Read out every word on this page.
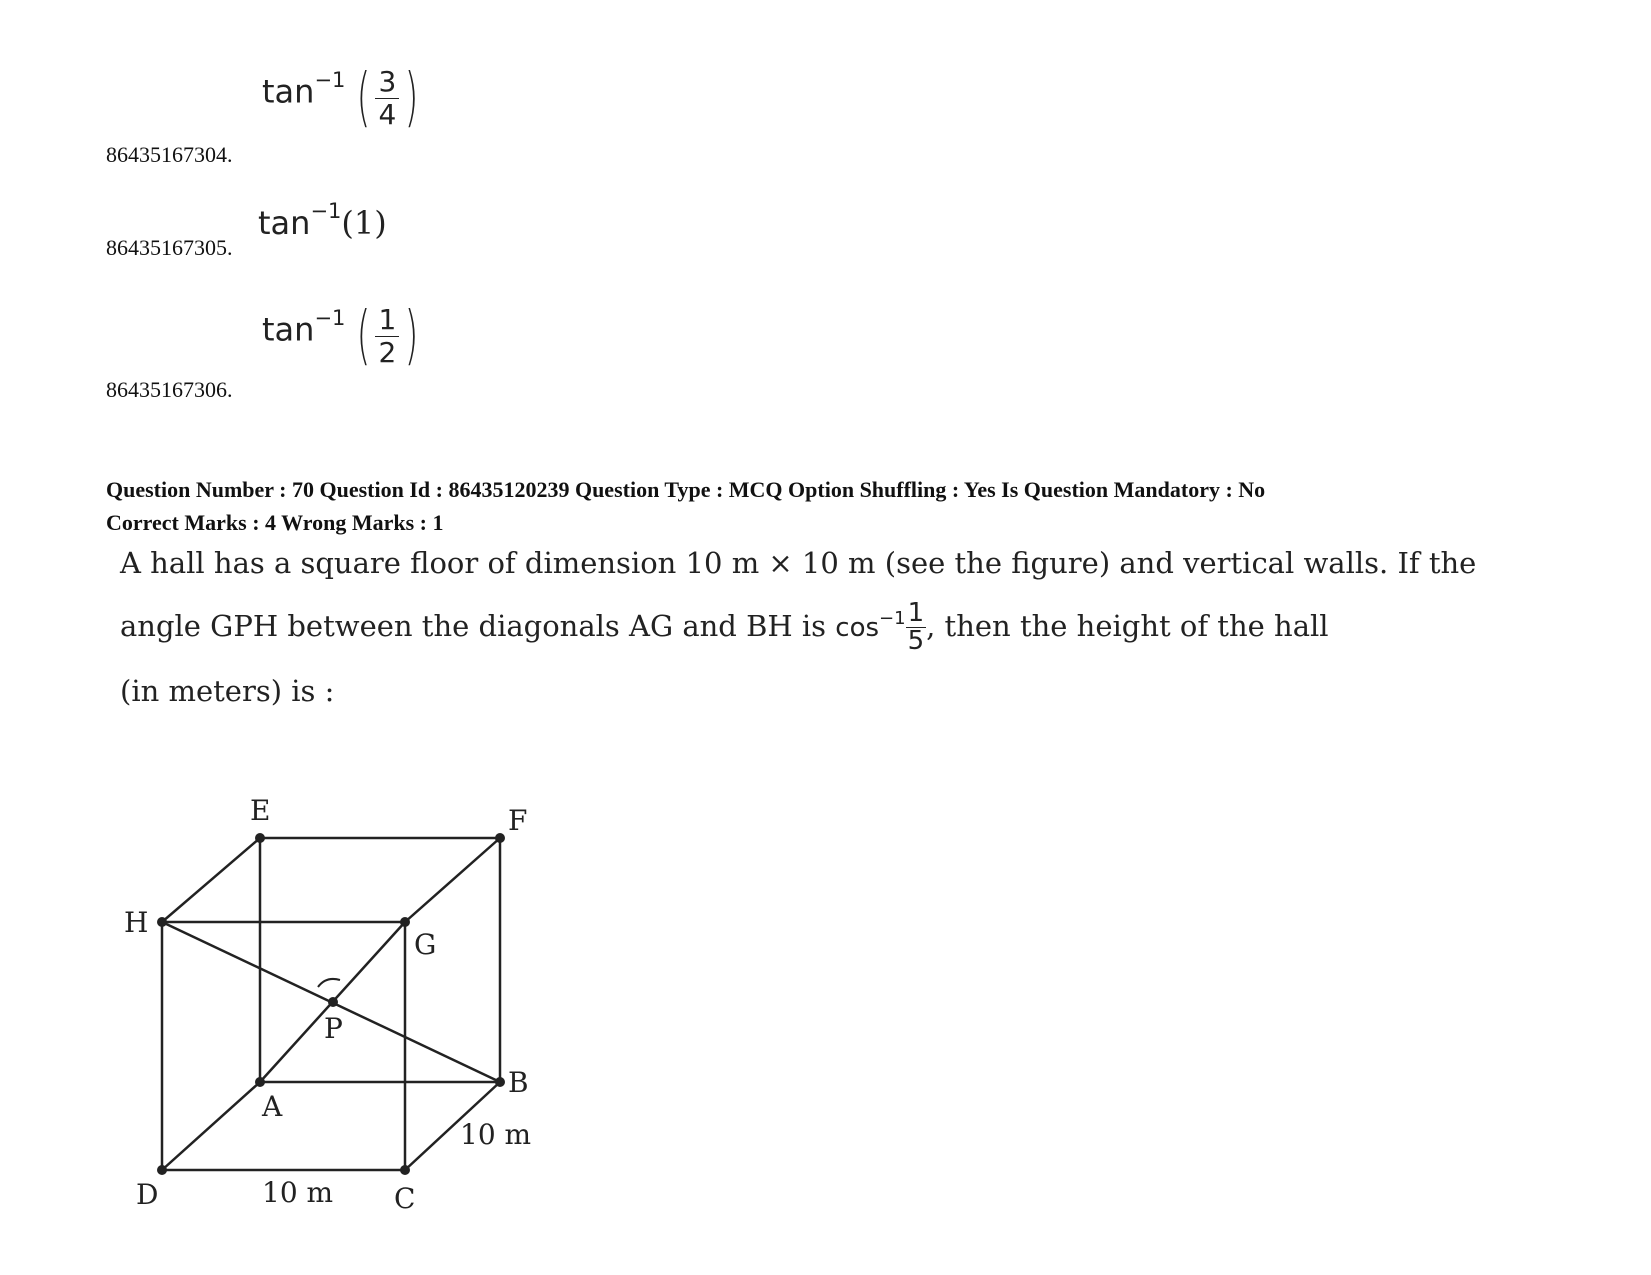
tan−1 ( $\frac{3}{4}$ )
86435167304.
tan−1(1)
86435167305.
tan−1 ( $\frac{1}{2}$ )
86435167306.
Question Number : 70 Question Id : 86435120239 Question Type : MCQ Option Shuffling : Yes Is Question Mandatory : No
Correct Marks : 4 Wrong Marks : 1
A hall has a square floor of dimension 10 m × 10 m (see the figure) and vertical walls. If the
angle GPH between the diagonals AG and BH is $\cos^{-1} \frac{1}{5}$ , then the height of the hall
(in meters) is :
E	F
H
G
P
A
B
D	C
10 m
10 m
